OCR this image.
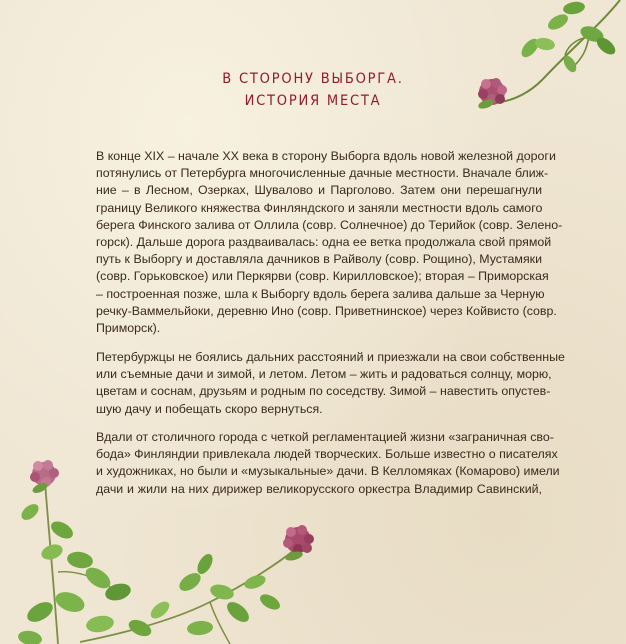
В СТОРОНУ ВЫБОРГА.
ИСТОРИЯ МЕСТА
В конце XIX – начале XX века в сторону Выборга вдоль новой железной дороги
потянулись от Петербурга многочисленные дачные местности. Вначале ближ-
ние – в Лесном, Озерках, Шувалово и Парголово. Затем они перешагнули
границу Великого княжества Финляндского и заняли местности вдоль самого
берега Финского залива от Оллила (совр. Солнечное) до Терийок (совр. Зелено-
горск). Дальше дорога раздваивалась: одна ее ветка продолжала свой прямой
путь к Выборгу и доставляла дачников в Райволу (совр. Рощино), Мустамяки
(совр. Горьковское) или Перкярви (совр. Кирилловское); вторая – Приморская
– построенная позже, шла к Выборгу вдоль берега залива дальше за Черную
речку-Ваммельйоки, деревню Ино (совр. Приветнинское) через Койвисто (совр.
Приморск).
Петербуржцы не боялись дальних расстояний и приезжали на свои собственные
или съемные дачи и зимой, и летом. Летом – жить и радоваться солнцу, морю,
цветам и соснам, друзьям и родным по соседству. Зимой – навестить опустев-
шую дачу и побещать скоро вернуться.
Вдали от столичного города с четкой регламентацией жизни «заграничная сво-
бода» Финляндии привлекала людей творческих. Больше известно о писателях
и художниках, но были и «музыкальные» дачи. В Келломяках (Комарово) имели
дачи и жили на них дирижер великорусского оркестра Владимир Савинский,
